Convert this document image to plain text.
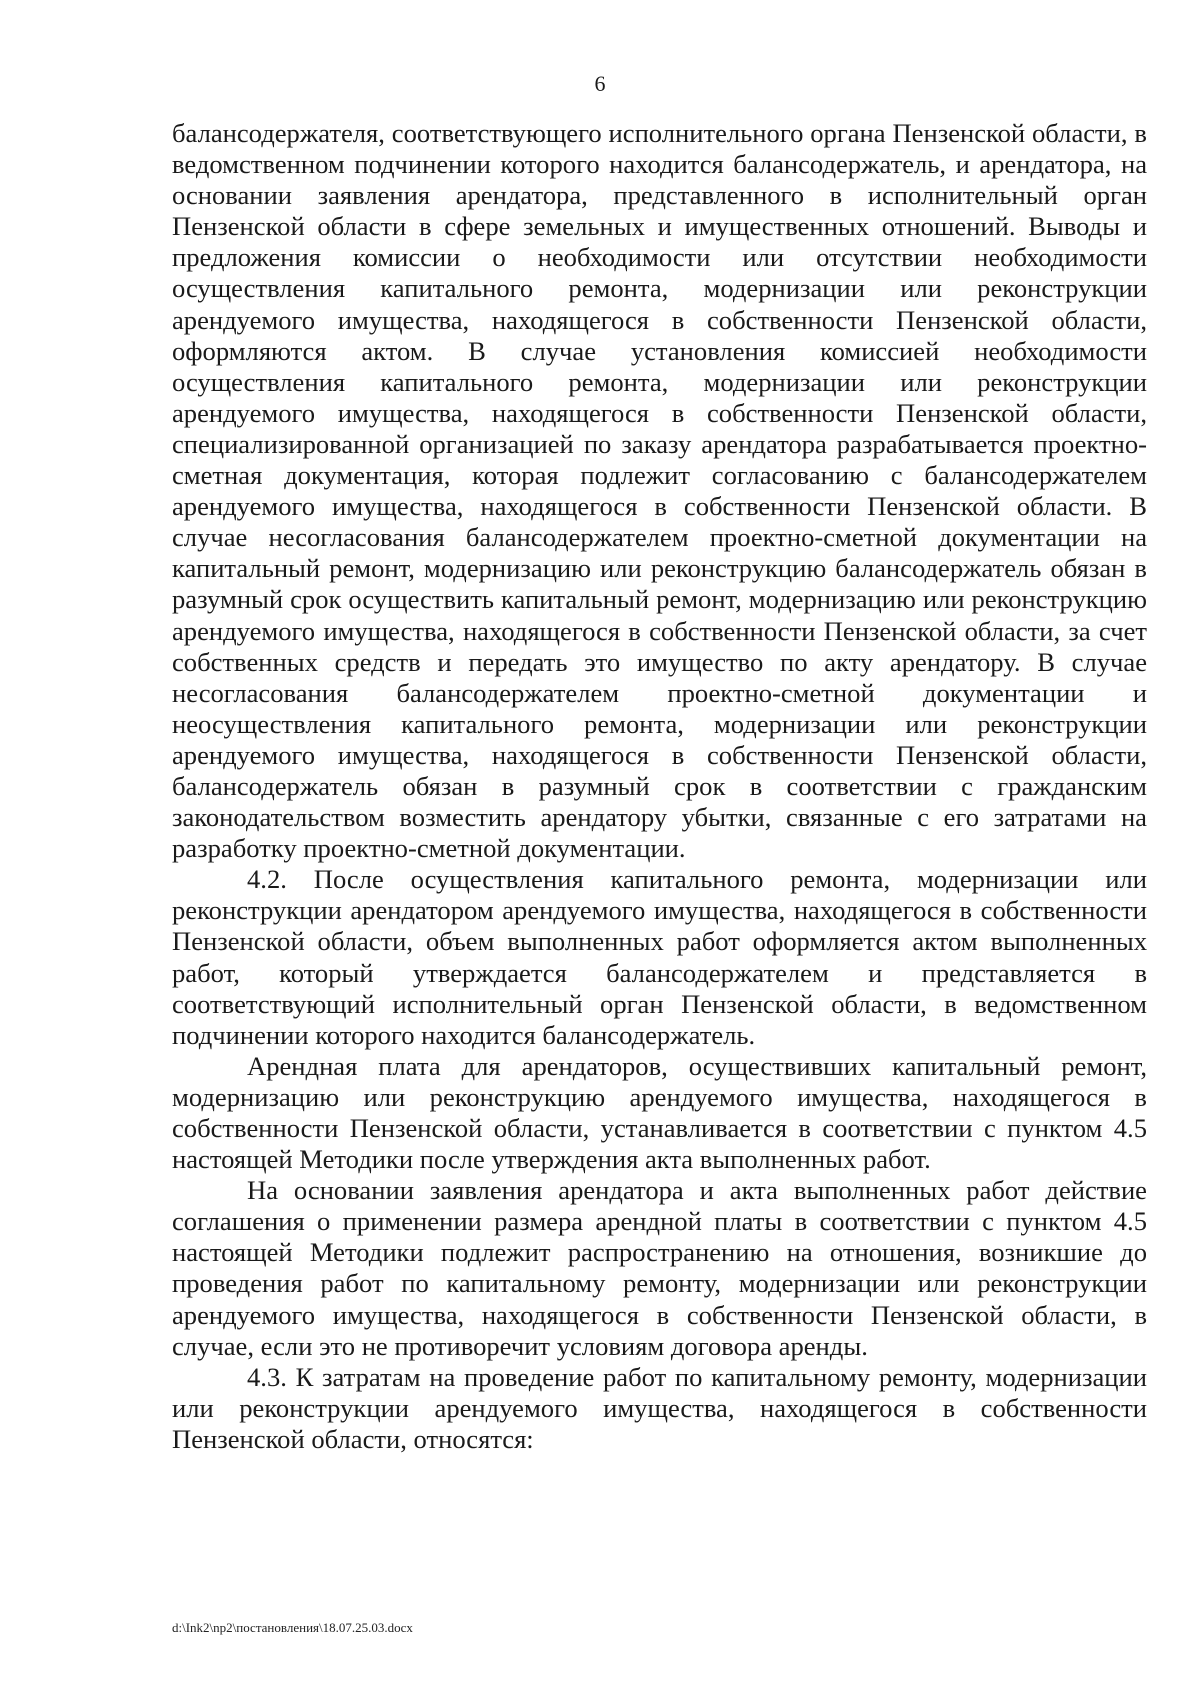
6

балансодержателя, соответствующего исполнительного органа Пензенской области, в ведомственном подчинении которого находится балансодержатель, и арендатора, на основании заявления арендатора, представленного в исполнительный орган Пензенской области в сфере земельных и имущественных отношений. Выводы и предложения комиссии о необходимости или отсутствии необходимости осуществления капитального ремонта, модернизации или реконструкции арендуемого имущества, находящегося в собственности Пензенской области, оформляются актом. В случае установления комиссией необходимости осуществления капитального ремонта, модернизации или реконструкции арендуемого имущества, находящегося в собственности Пензенской области, специализированной организацией по заказу арендатора разрабатывается проектно-сметная документация, которая подлежит согласованию с балансодержателем арендуемого имущества, находящегося в собственности Пензенской области. В случае несогласования балансодержателем проектно-сметной документации на капитальный ремонт, модернизацию или реконструкцию балансодержатель обязан в разумный срок осуществить капитальный ремонт, модернизацию или реконструкцию арендуемого имущества, находящегося в собственности Пензенской области, за счет собственных средств и передать это имущество по акту арендатору. В случае несогласования балансодержателем проектно-сметной документации и неосуществления капитального ремонта, модернизации или реконструкции арендуемого имущества, находящегося в собственности Пензенской области, балансодержатель обязан в разумный срок в соответствии с гражданским законодательством возместить арендатору убытки, связанные с его затратами на разработку проектно-сметной документации.

4.2. После осуществления капитального ремонта, модернизации или реконструкции арендатором арендуемого имущества, находящегося в собственности Пензенской области, объем выполненных работ оформляется актом выполненных работ, который утверждается балансодержателем и представляется в соответствующий исполнительный орган Пензенской области, в ведомственном подчинении которого находится балансодержатель.

Арендная плата для арендаторов, осуществивших капитальный ремонт, модернизацию или реконструкцию арендуемого имущества, находящегося в собственности Пензенской области, устанавливается в соответствии с пунктом 4.5 настоящей Методики после утверждения акта выполненных работ.

На основании заявления арендатора и акта выполненных работ действие соглашения о применении размера арендной платы в соответствии с пунктом 4.5 настоящей Методики подлежит распространению на отношения, возникшие до проведения работ по капитальному ремонту, модернизации или реконструкции арендуемого имущества, находящегося в собственности Пензенской области, в случае, если это не противоречит условиям договора аренды.

4.3. К затратам на проведение работ по капитальному ремонту, модернизации или реконструкции арендуемого имущества, находящегося в собственности Пензенской области, относятся:

d:\Ink2\np2\постановления\18.07.25.03.docx
